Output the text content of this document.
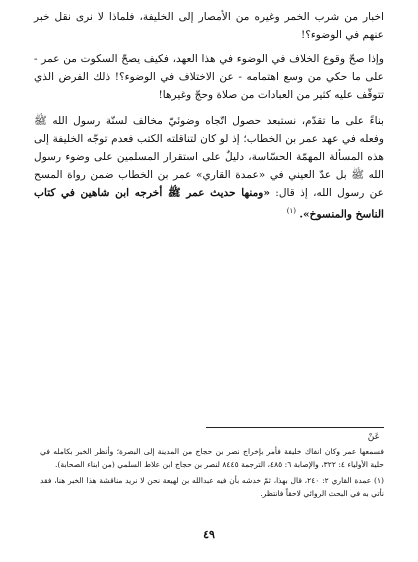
اخبار من شرب الخمر وغيره من الأمصار إلى الخليفة، فلماذا لا نرى نقل خبر عنهم في الوضوء؟!

وإذا صحّ وقوع الخلاف في الوضوء في هذا العهد، فكيف يصحّ السكوت من عمر - على ما حكي من وسع اهتمامه - عن الاختلاف في الوضوء؟! ذلك الفرض الذي تتوقّف عليه كثير من العبادات من صلاة وحجّ وغيرها!

بناءً على ما تقدّم، نستبعد حصول اتّجاه وضوئيّ مخالف لسنّة رسول الله ﷺ وفعله في عهد عمر بن الخطاب؛ إذ لو كان لتناقلته الكتب فعدم توجّه الخليفة إلى هذه المسألة المهمّة الحسّاسة، دليلٌ على استقرار المسلمين على وضوء رسول الله ﷺ بل عدّ العيني في «عمدة القاري» عمر بن الخطاب ضمن رواة المسح عن رسول الله، إذ قال: «ومنها حديث عمر ﷺ أخرجه ابن شاهين في كتاب الناسخ والمنسوخ». $^{(١)}$

عَنْ

فسمعها عمر وكان انفاك خليفة فأمر بإخراج نصر بن حجاج من المدينة إلى البصرة؛ وأنظر الخبر بكامله في حلية الأولياء ٤: ٣٢٢، والإصابة ٦: ٤٨٥، الترجمة ٨٤٤٥ لنصر بن حجاج ابن علاط السلمي (من ابناء الصحابة).

(١) عمدة القاري ٢: ٢٤٠، قال بهذا، ثمّ خدشه بأن فيه عبدالله بن لهيعة نحن لا نريد مناقشة هذا الخبر هنا، فقد نأتي به في البحث الروائي لاحقاً فانتظر.

٤٩
